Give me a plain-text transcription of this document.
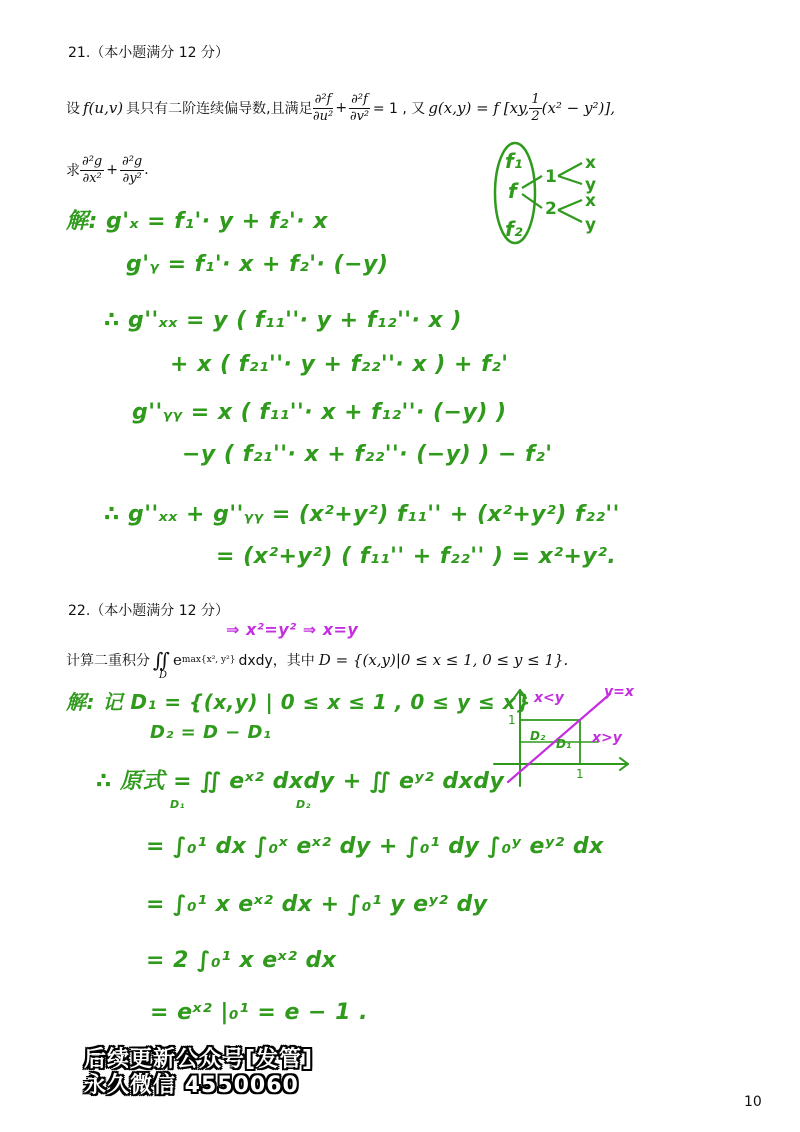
21.（本小题满分 12 分）
设 f(u,v) 具只有二阶连续偏导数,且满足 $\frac{\text{∂²f}}{\text{∂u²}} + \frac{\text{∂²f}}{\text{∂v²}} = 1$ , 又 g(x,y) = f [xy, $\frac{1}{2} (x^2 - y^2)$],
求 $\frac{\text{∂²g}}{\text{∂x²}} + \frac{\text{∂²g}}{\text{∂y²}}$ .	f₁
f
f₂
1
2
x
y
x
y
解: g'ₓ = f₁'· y + f₂'· x
g'ᵧ = f₁'· x + f₂'· (−y)
∴ g''ₓₓ = y ( f₁₁''· y + f₁₂''· x )
+ x ( f₂₁''· y + f₂₂''· x ) + f₂'
g''ᵧᵧ = x ( f₁₁''· x + f₁₂''· (−y) )
−y ( f₂₁''· x + f₂₂''· (−y) ) − f₂'
∴ g''ₓₓ + g''ᵧᵧ = (x²+y²) f₁₁'' + (x²+y²) f₂₂''
= (x²+y²) ( f₁₁'' + f₂₂'' ) = x²+y².
22.（本小题满分 12 分）
⇒ x²=y² ⇒ x=y
计算二重积分 ∬
D
e max{x², y²} dxdy，其中 D = {(x,y)|0 ≤ x ≤ 1, 0 ≤ y ≤ 1}.
x<y	y=x
x>y
D₁
D₂
1
1
解: 记 D₁ = {(x,y) | 0 ≤ x ≤ 1 , 0 ≤ y ≤ x}
D₂ = D − D₁
∴ 原式 = ∬ eˣ² dxdy + ∬ eʸ² dxdy
D₁	D₂
= ∫₀¹ dx ∫₀ˣ eˣ² dy + ∫₀¹ dy ∫₀ʸ eʸ² dx
= ∫₀¹ x eˣ² dx + ∫₀¹ y eʸ² dy
= 2 ∫₀¹ x eˣ² dx
= eˣ² |₀¹ = e − 1 .
后续更新公众号[发管]
永久微信 4550060
10
